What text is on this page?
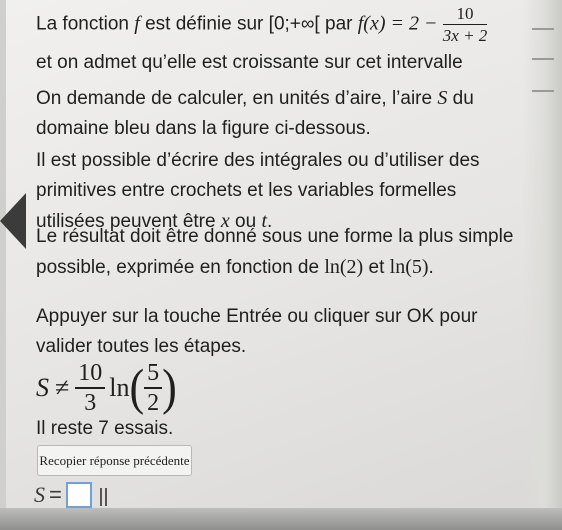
La fonction f est définie sur [0;+∞[ par $f(x) = 2 - \frac{10}{3x + 2}$
et on admet qu’elle est croissante sur cet intervalle
On demande de calculer, en unités d’aire, l’aire S du
domaine bleu dans la figure ci-dessous.
Il est possible d’écrire des intégrales ou d’utiliser des
primitives entre crochets et les variables formelles
utilisées peuvent être x ou t.
Le résultat doit être donné sous une forme la plus simple
possible, exprimée en fonction de ln(2) et ln(5).
Appuyer sur la touche Entrée ou cliquer sur OK pour
valider toutes les étapes.
$S \ne \frac{10}{3}$ ln ( $\frac{5}{2}$ )
Il reste 7 essais.
Recopier réponse précédente
S =
